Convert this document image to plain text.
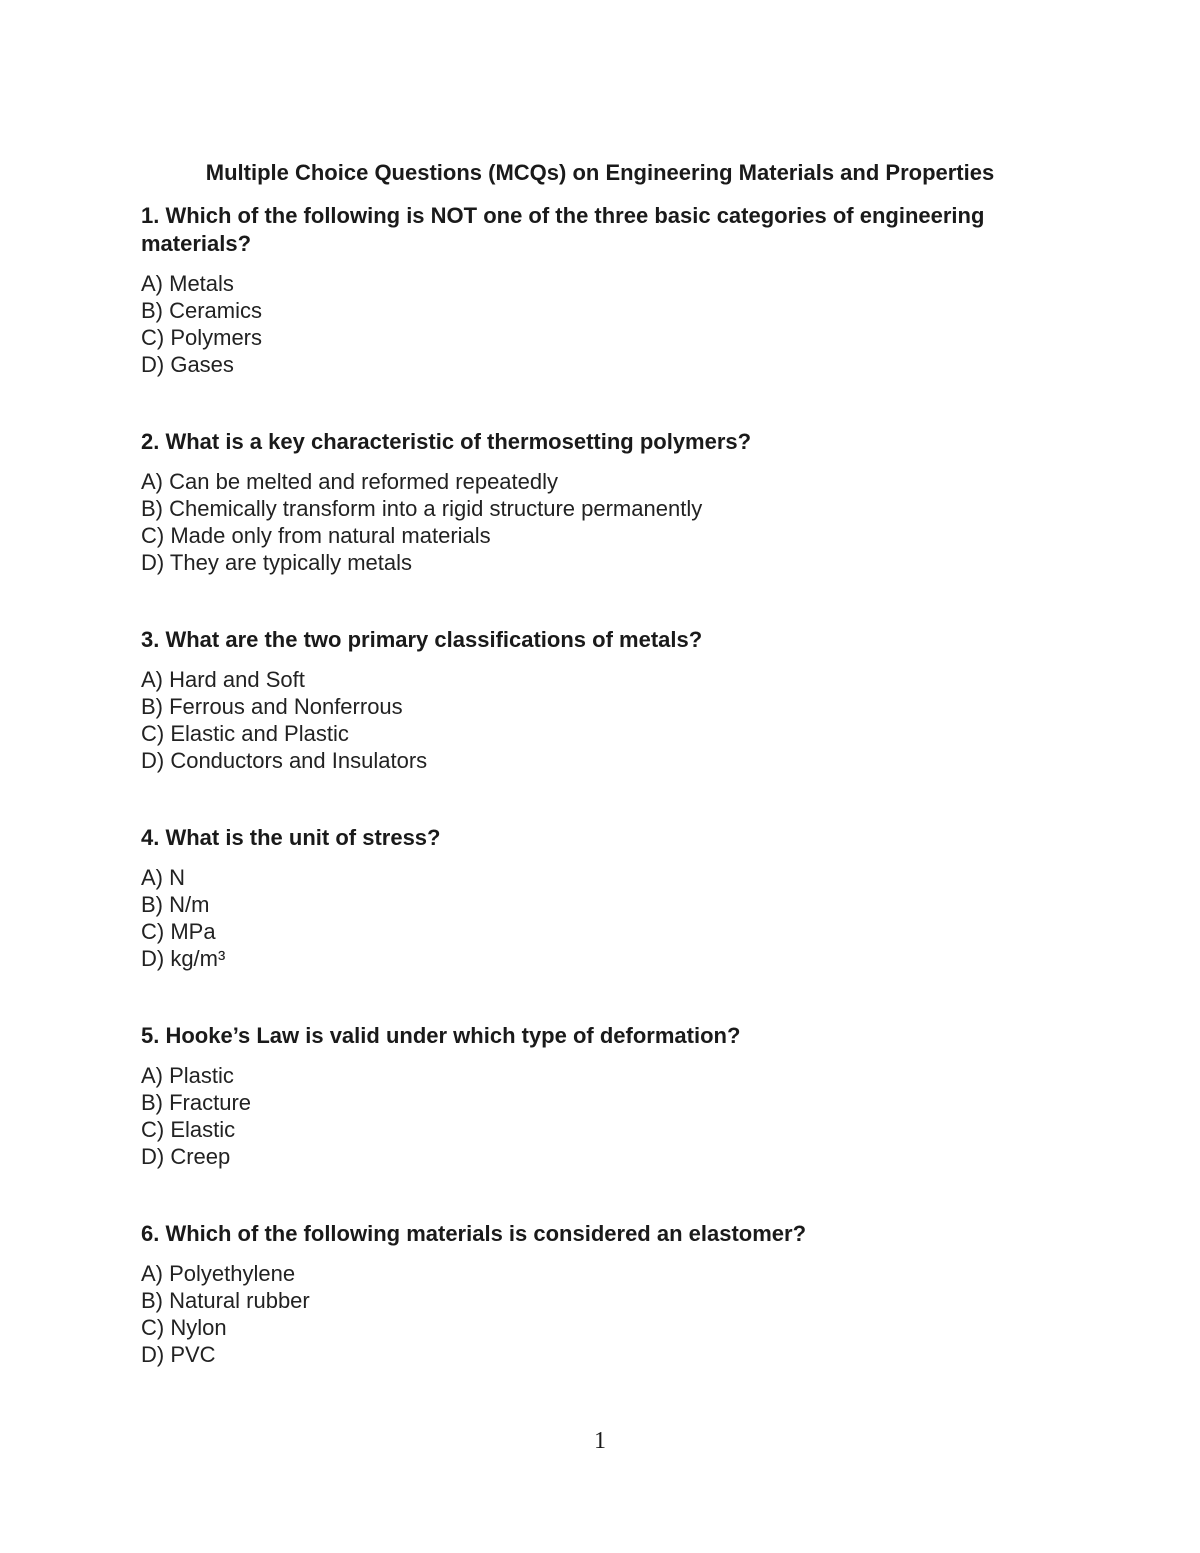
Multiple Choice Questions (MCQs) on Engineering Materials and Properties

1. Which of the following is NOT one of the three basic categories of engineering materials?

A) Metals
B) Ceramics
C) Polymers
D) Gases

2. What is a key characteristic of thermosetting polymers?

A) Can be melted and reformed repeatedly
B) Chemically transform into a rigid structure permanently
C) Made only from natural materials
D) They are typically metals

3. What are the two primary classifications of metals?

A) Hard and Soft
B) Ferrous and Nonferrous
C) Elastic and Plastic
D) Conductors and Insulators

4. What is the unit of stress?

A) N
B) N/m
C) MPa
D) kg/m³

5. Hooke’s Law is valid under which type of deformation?

A) Plastic
B) Fracture
C) Elastic
D) Creep

6. Which of the following materials is considered an elastomer?

A) Polyethylene
B) Natural rubber
C) Nylon
D) PVC
1
